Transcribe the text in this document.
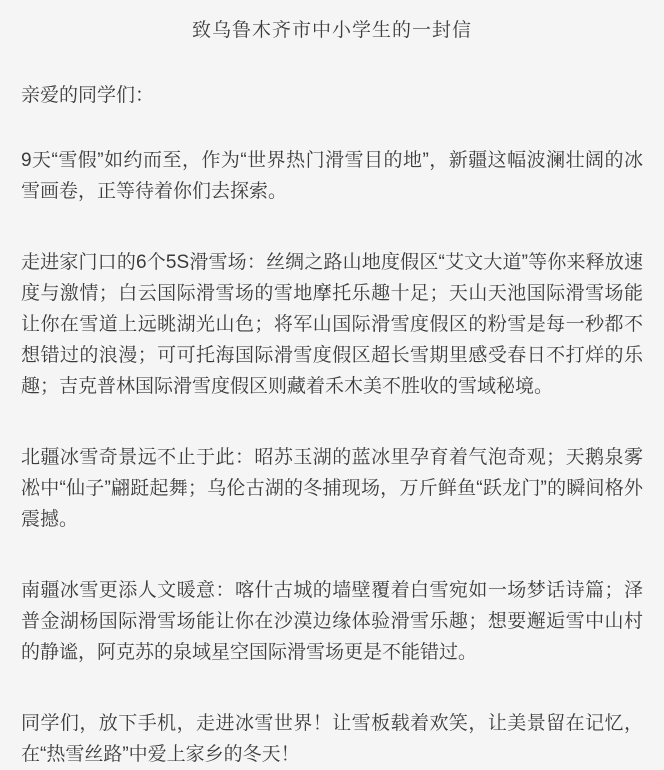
致乌鲁木齐市中小学生的一封信
亲爱的同学们：

9天“雪假”如约而至，作为“世界热门滑雪目的地”，新疆这幅波澜壮阔的冰雪画卷，正等待着你们去探索。

走进家门口的6个5S滑雪场：丝绸之路山地度假区“艾文大道”等你来释放速度与激情；白云国际滑雪场的雪地摩托乐趣十足；天山天池国际滑雪场能让你在雪道上远眺湖光山色；将军山国际滑雪度假区的粉雪是每一秒都不想错过的浪漫；可可托海国际滑雪度假区超长雪期里感受春日不打烊的乐趣；吉克普林国际滑雪度假区则藏着禾木美不胜收的雪域秘境。

北疆冰雪奇景远不止于此：昭苏玉湖的蓝冰里孕育着气泡奇观；天鹅泉雾凇中“仙子”翩跹起舞；乌伦古湖的冬捕现场，万斤鲜鱼“跃龙门”的瞬间格外震撼。

南疆冰雪更添人文暖意：喀什古城的墙壁覆着白雪宛如一场梦话诗篇；泽普金湖杨国际滑雪场能让你在沙漠边缘体验滑雪乐趣；想要邂逅雪中山村的静谧，阿克苏的泉域星空国际滑雪场更是不能错过。

同学们，放下手机，走进冰雪世界！让雪板载着欢笑，让美景留在记忆，在“热雪丝路”中爱上家乡的冬天！
